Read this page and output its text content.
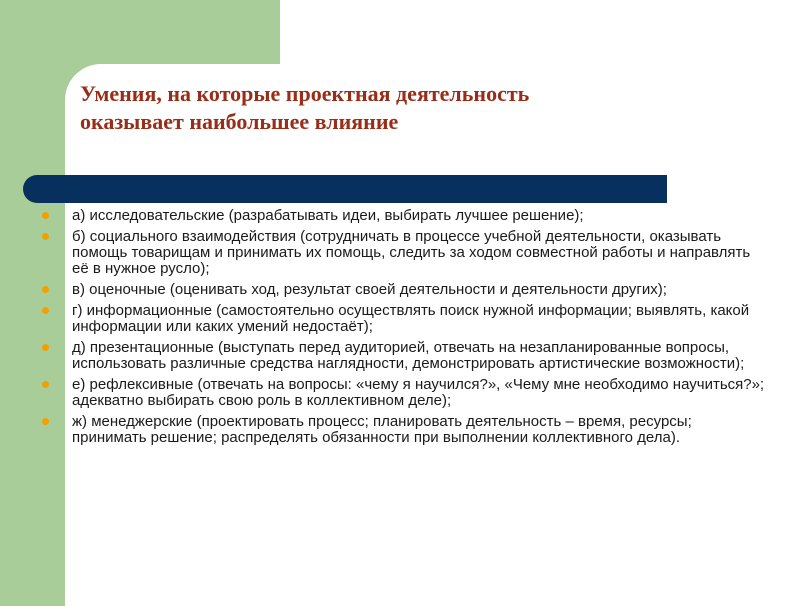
Умения, на которые проектная деятельность
оказывает наибольшее влияние
а) исследовательские (разрабатывать идеи, выбирать лучшее решение);
б) социального взаимодействия (сотрудничать в процессе учебной деятельности, оказывать помощь товарищам и принимать их помощь, следить за ходом совместной работы и направлять её в нужное русло);
в) оценочные (оценивать ход, результат своей деятельности и деятельности других);
г) информационные (самостоятельно осуществлять поиск нужной информации; выявлять, какой информации или каких умений недостаёт);
д) презентационные (выступать перед аудиторией, отвечать на незапланированные вопросы, использовать различные средства наглядности, демонстрировать артистические возможности);
е) рефлексивные (отвечать на вопросы: «чему я научился?», «Чему мне необходимо научиться?»; адекватно выбирать свою роль в коллективном деле);
ж) менеджерские (проектировать процесс; планировать деятельность – время, ресурсы; принимать решение; распределять обязанности при выполнении коллективного дела).
